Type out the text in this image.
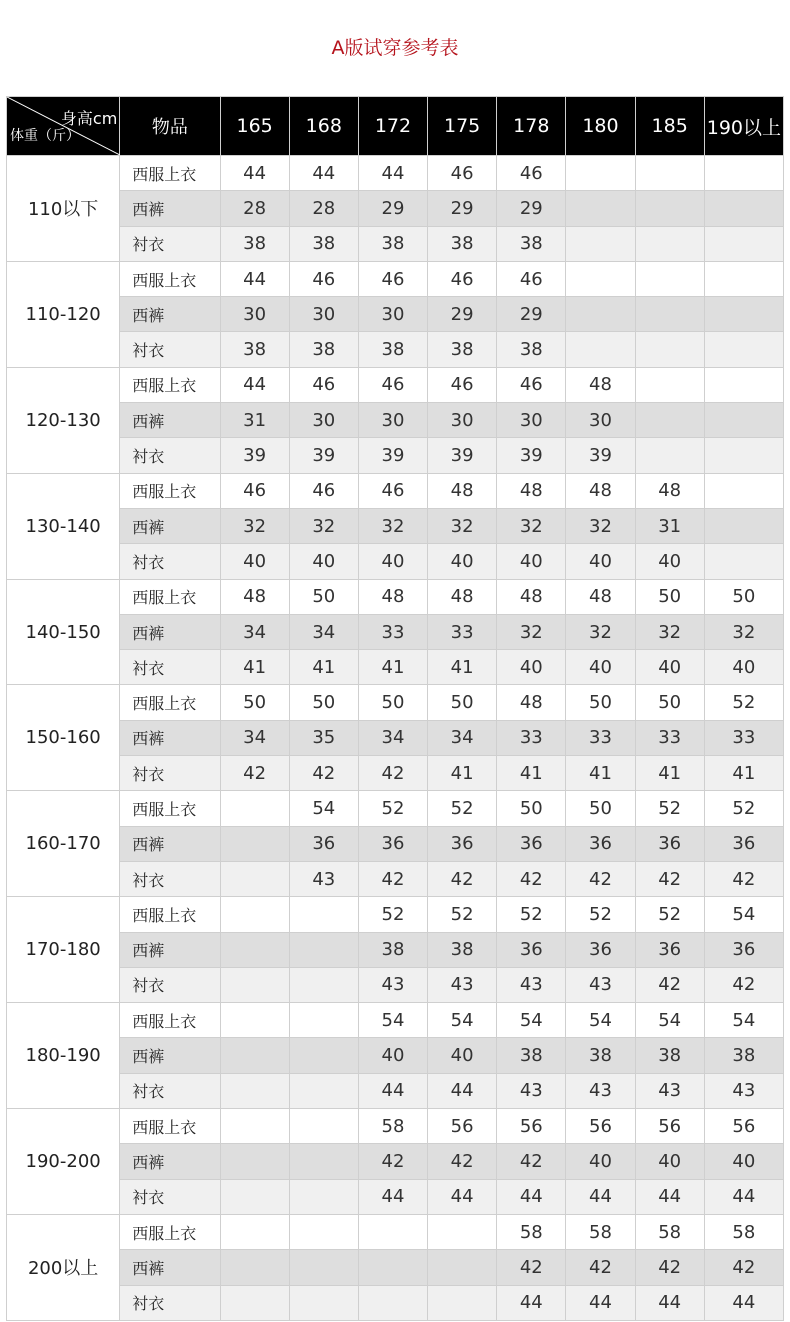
A版试穿参考表
身高cm
体重（斤）	物品	165	168	172	175	178	180	185	190以上
110以下	西服上衣	44	44	44	46	46			
	西裤	28	28	29	29	29			
	衬衣	38	38	38	38	38			
110-120	西服上衣	44	46	46	46	46			
	西裤	30	30	30	29	29			
	衬衣	38	38	38	38	38			
120-130	西服上衣	44	46	46	46	46	48		
	西裤	31	30	30	30	30	30		
	衬衣	39	39	39	39	39	39		
130-140	西服上衣	46	46	46	48	48	48	48	
	西裤	32	32	32	32	32	32	31	
	衬衣	40	40	40	40	40	40	40	
140-150	西服上衣	48	50	48	48	48	48	50	50
	西裤	34	34	33	33	32	32	32	32
	衬衣	41	41	41	41	40	40	40	40
150-160	西服上衣	50	50	50	50	48	50	50	52
	西裤	34	35	34	34	33	33	33	33
	衬衣	42	42	42	41	41	41	41	41
160-170	西服上衣		54	52	52	50	50	52	52
	西裤		36	36	36	36	36	36	36
	衬衣		43	42	42	42	42	42	42
170-180	西服上衣			52	52	52	52	52	54
	西裤			38	38	36	36	36	36
	衬衣			43	43	43	43	42	42
180-190	西服上衣			54	54	54	54	54	54
	西裤			40	40	38	38	38	38
	衬衣			44	44	43	43	43	43
190-200	西服上衣			58	56	56	56	56	56
	西裤			42	42	42	40	40	40
	衬衣			44	44	44	44	44	44
200以上	西服上衣					58	58	58	58
	西裤					42	42	42	42
	衬衣					44	44	44	44
